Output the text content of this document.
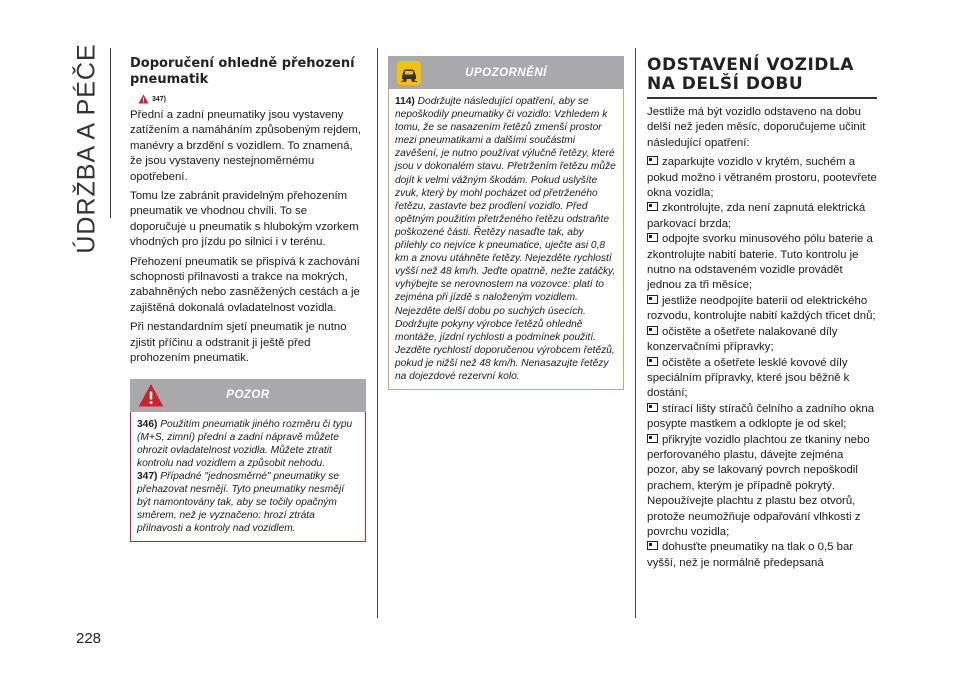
ÚDRŽBA A PÉČE
228
Doporučení ohledně přehození pneumatik
347)

Přední a zadní pneumatiky jsou vystaveny zatížením a namáháním způsobeným rejdem, manévry a brzdění s vozidlem. To znamená, že jsou vystaveny nestejnoměrnému opotřebení.

Tomu lze zabránit pravidelným přehozením pneumatik ve vhodnou chvíli. To se doporučuje u pneumatik s hlubokým vzorkem vhodných pro jízdu po silnici i v terénu.

Přehození pneumatik se přispívá k zachování schopnosti přilnavosti a trakce na mokrých, zabahněných nebo zasněžených cestách a je zajištěná dokonalá ovladatelnost vozidla.

Při nestandardním sjetí pneumatik je nutno zjistit příčinu a odstranit ji ještě před prohozením pneumatik.

POZOR

346) Použitím pneumatik jiného rozměru či typu (M+S, zimní) přední a zadní nápravě můžete ohrozit ovladatelnost vozidla. Můžete ztratit kontrolu nad vozidlem a způsobit nehodu.

347) Případné "jednosměrné" pneumatiky se přehazovat nesmějí. Tyto pneumatiky nesmějí být namontovány tak, aby se točily opačným směrem, než je vyznačeno: hrozí ztráta přilnavosti a kontroly nad vozidlem.

UPOZORNĚNÍ

114) Dodržujte následující opatření, aby se nepoškodily pneumatiky či vozidlo: Vzhledem k tomu, že se nasazením řetězů zmenší prostor mezi pneumatikami a dalšími součástmi zavěšení, je nutno používat výlučně řetězy, které jsou v dokonalém stavu. Přetržením řetězu může dojít k velmi vážným škodám. Pokud uslyšíte zvuk, který by mohl pocházet od přetrženého řetězu, zastavte bez prodlení vozidlo. Před opětným použitím přetrženého řetězu odstraňte poškozené části. Řetězy nasaďte tak, aby přilehly co nejvíce k pneumatice, uječte asi 0,8 km a znovu utáhněte řetězy. Nejezděte rychlostí vyšší než 48 km/h. Jeďte opatrně, nežte zatáčky, vyhýbejte se nerovnostem na vozovce: platí to zejména při jízdě s naloženým vozidlem. Nejezděte delší dobu po suchých úsecích. Dodržujte pokyny výrobce řetězů ohledně montáže, jízdní rychlosti a podmínek použití. Jezděte rychlostí doporučenou výrobcem řetězů, pokud je nižší než 48 km/h. Nenasazujte řetězy na dojezdové rezervní kolo.

ODSTAVENÍ VOZIDLA NA DELŠÍ DOBU

Jestliže má být vozidlo odstaveno na dobu delší než jeden měsíc, doporučujeme učinit následující opatření:

zaparkujte vozidlo v krytém, suchém a pokud možno i větraném prostoru, pootevřete okna vozidla;

zkontrolujte, zda není zapnutá elektrická parkovací brzda;

odpojte svorku minusového pólu baterie a zkontrolujte nabití baterie. Tuto kontrolu je nutno na odstaveném vozidle provádět jednou za tři měsíce;

jestliže neodpojíte baterii od elektrického rozvodu, kontrolujte nabití každých třicet dnů;

očistěte a ošetřete nalakované díly konzervačními přípravky;

očistěte a ošetřete lesklé kovové díly speciálním přípravky, které jsou běžně k dostání;

stírací lišty stíračů čelního a zadního okna posypte mastkem a odklopte je od skel;

přikryjte vozidlo plachtou ze tkaniny nebo perforovaného plastu, dávejte zejména pozor, aby se lakovaný povrch nepoškodil prachem, kterým je případně pokrytý. Nepoužívejte plachtu z plastu bez otvorů, protože neumožňuje odpařování vlhkosti z povrchu vozidla;

dohusťte pneumatiky na tlak o 0,5 bar vyšší, než je normálně předepsaná
